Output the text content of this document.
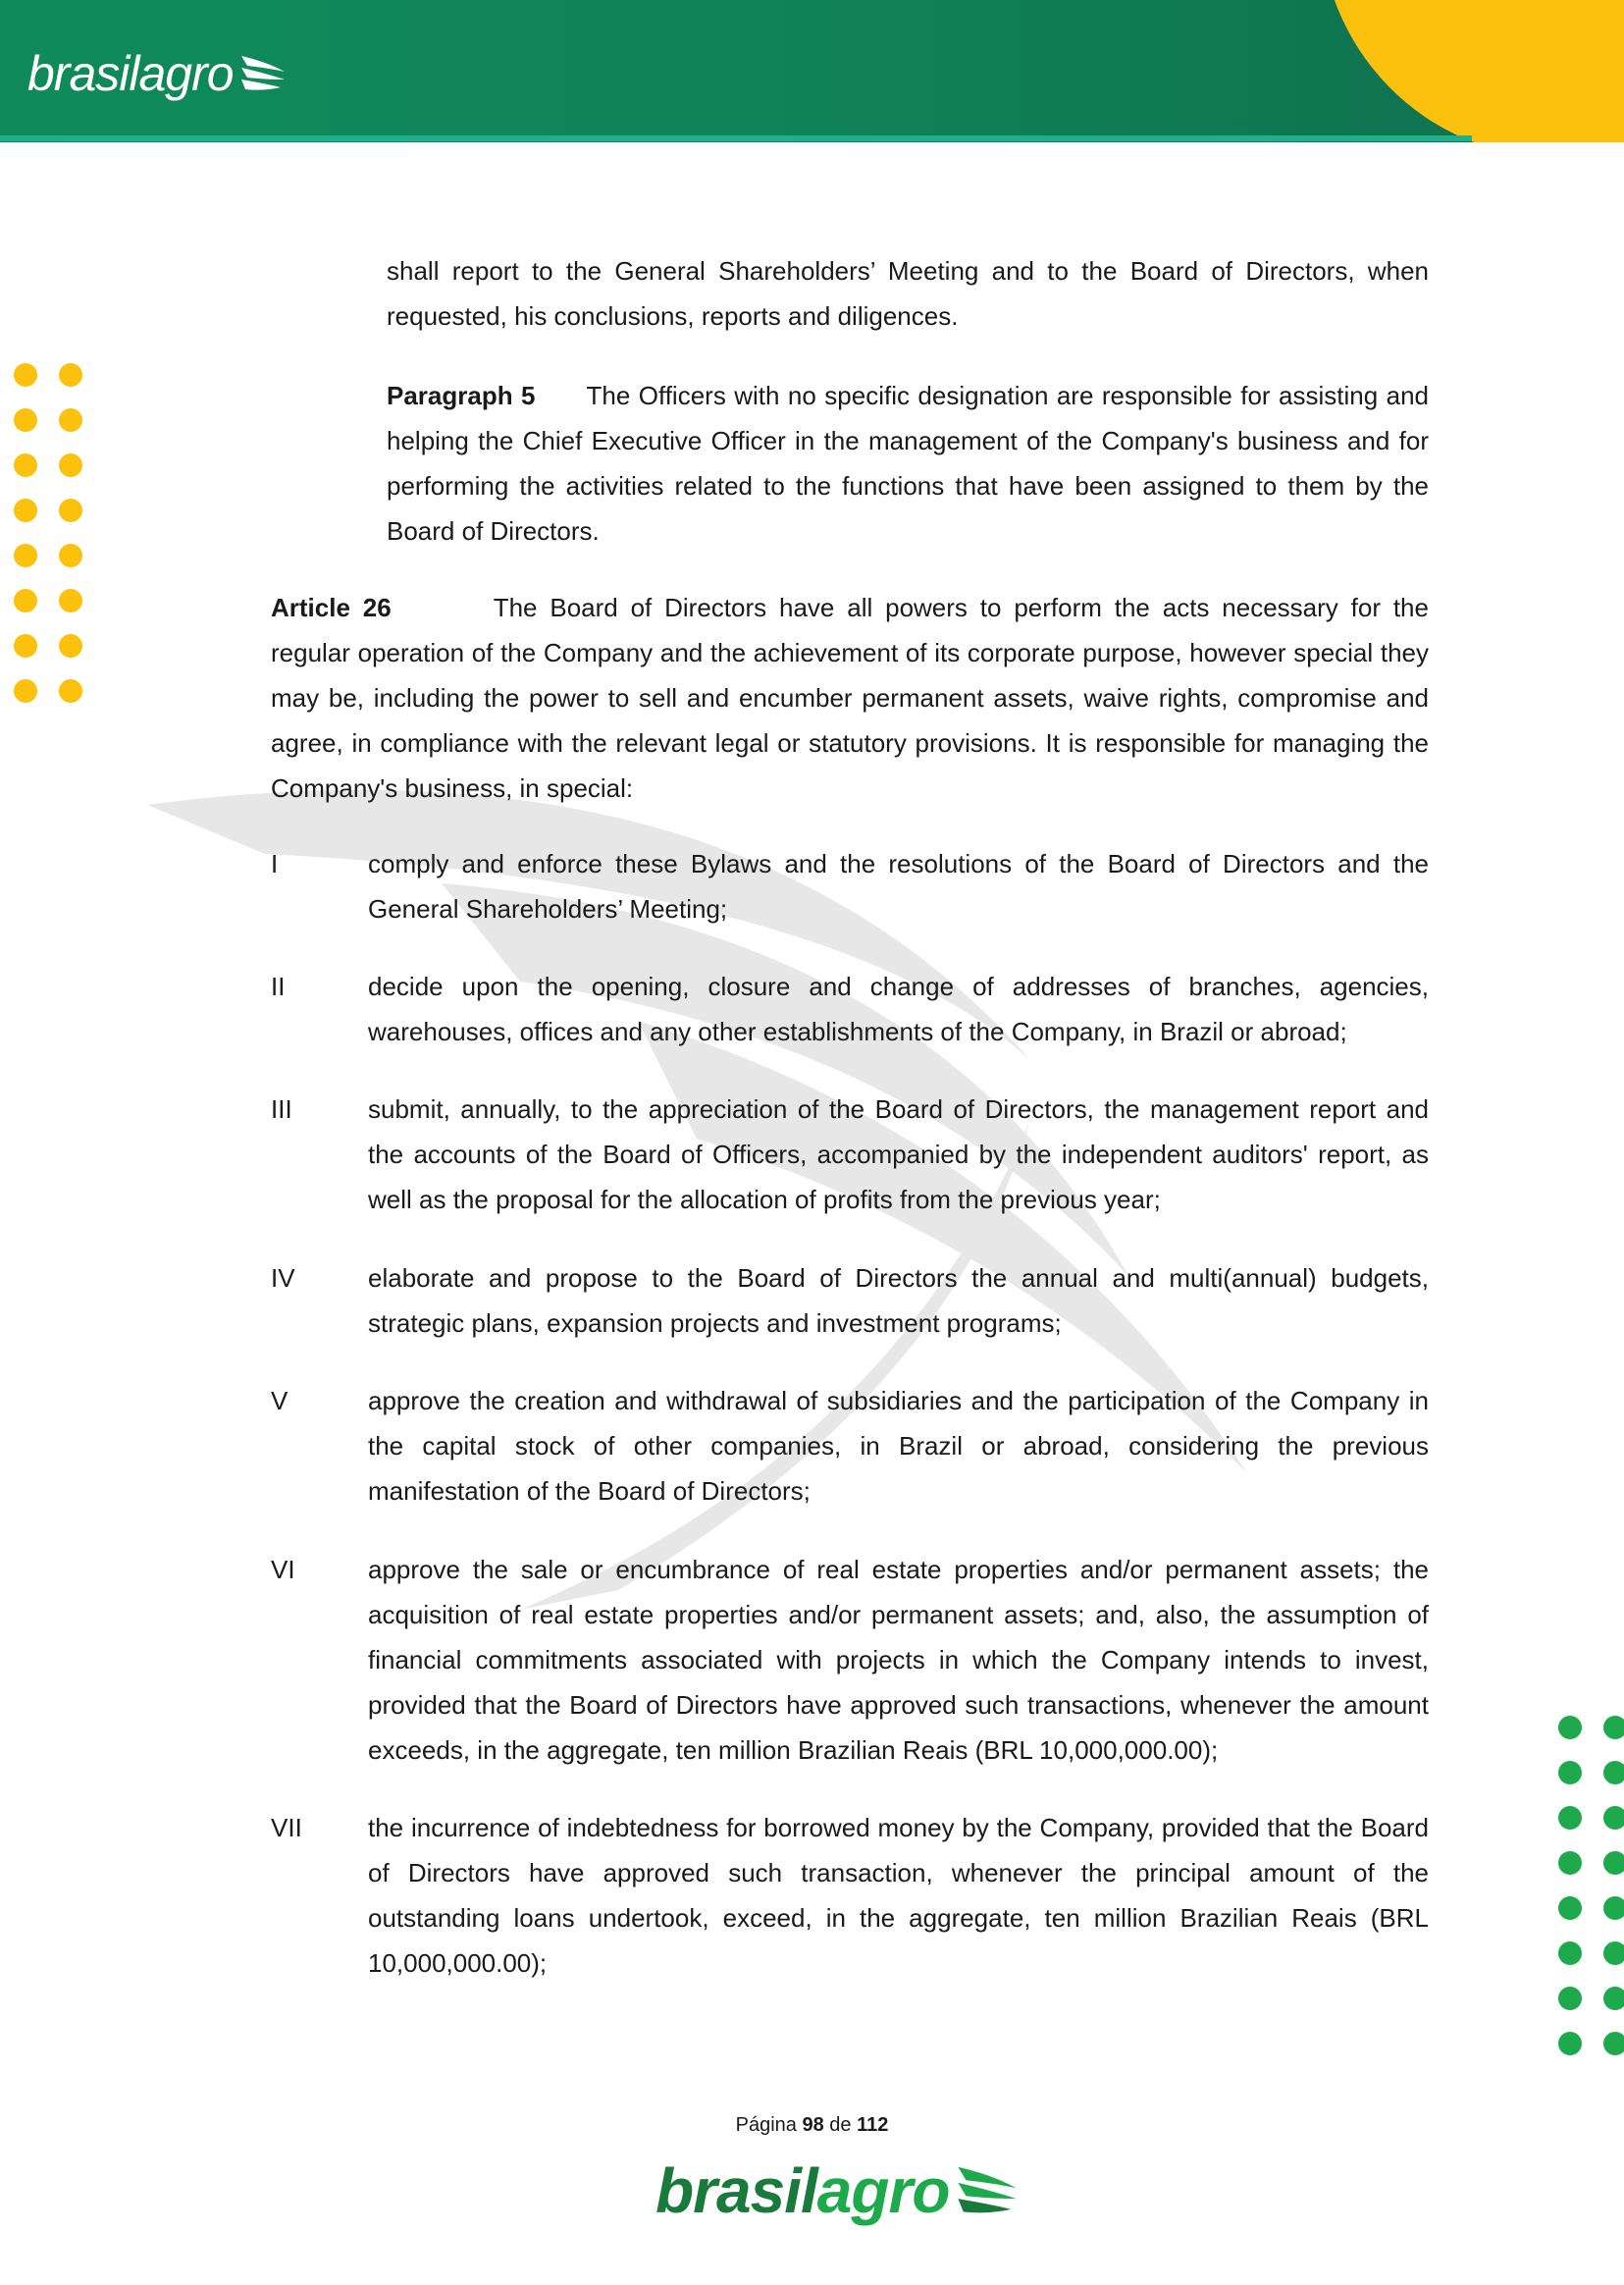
brasilagro
shall report to the General Shareholders’ Meeting and to the Board of Directors, when requested, his conclusions, reports and diligences.
Paragraph 5 The Officers with no specific designation are responsible for assisting and helping the Chief Executive Officer in the management of the Company's business and for performing the activities related to the functions that have been assigned to them by the Board of Directors.
Article 26	The Board of Directors have all powers to perform the acts necessary for the regular operation of the Company and the achievement of its corporate purpose, however special they may be, including the power to sell and encumber permanent assets, waive rights, compromise and agree, in compliance with the relevant legal or statutory provisions. It is responsible for managing the Company's business, in special:
I	comply and enforce these Bylaws and the resolutions of the Board of Directors and the General Shareholders’ Meeting;
II	decide upon the opening, closure and change of addresses of branches, agencies, warehouses, offices and any other establishments of the Company, in Brazil or abroad;
III	submit, annually, to the appreciation of the Board of Directors, the management report and the accounts of the Board of Officers, accompanied by the independent auditors' report, as well as the proposal for the allocation of profits from the previous year;
IV	elaborate and propose to the Board of Directors the annual and multi(annual) budgets, strategic plans, expansion projects and investment programs;
V	approve the creation and withdrawal of subsidiaries and the participation of the Company in the capital stock of other companies, in Brazil or abroad, considering the previous manifestation of the Board of Directors;
VI	approve the sale or encumbrance of real estate properties and/or permanent assets; the acquisition of real estate properties and/or permanent assets; and, also, the assumption of financial commitments associated with projects in which the Company intends to invest, provided that the Board of Directors have approved such transactions, whenever the amount exceeds, in the aggregate, ten million Brazilian Reais (BRL 10,000,000.00);
VII	the incurrence of indebtedness for borrowed money by the Company, provided that the Board of Directors have approved such transaction, whenever the principal amount of the outstanding loans undertook, exceed, in the aggregate, ten million Brazilian Reais (BRL 10,000,000.00);
Página 98 de 112
brasil agro
